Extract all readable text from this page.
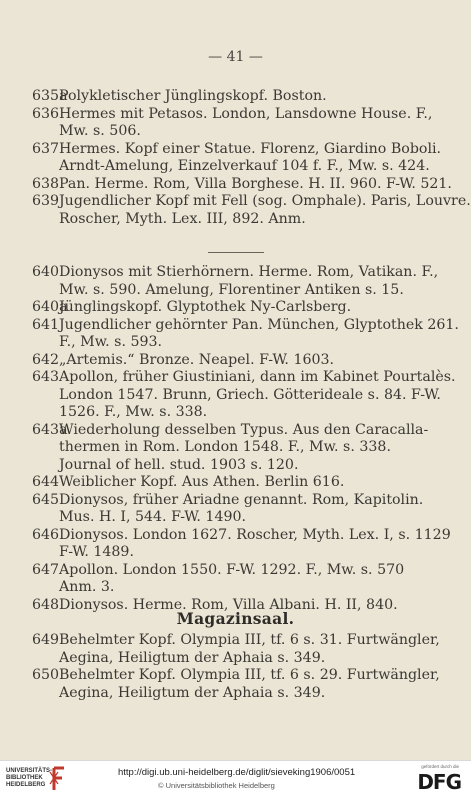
— 41 —
635a
Polykletischer Jünglingskopf. Boston.
636 Hermes mit Petasos. London, Lansdowne House. F.,
Mw. s. 506.
637 Hermes. Kopf einer Statue. Florenz, Giardino Boboli.
Arndt-Amelung, Einzelverkauf 104 f. F., Mw. s. 424.
638 Pan. Herme. Rom, Villa Borghese. H. II. 960. F-W. 521.
639 Jugendlicher Kopf mit Fell (sog. Omphale). Paris, Louvre.
Roscher, Myth. Lex. III, 892. Anm.
640 Dionysos mit Stierhörnern. Herme. Rom, Vatikan. F.,
Mw. s. 590. Amelung, Florentiner Antiken s. 15.
640a
Jünglingskopf. Glyptothek Ny-Carlsberg.
641 Jugendlicher gehörnter Pan. München, Glyptothek 261.
F., Mw. s. 593.
642 „Artemis.“ Bronze. Neapel. F-W. 1603.
643 Apollon, früher Giustiniani, dann im Kabinet Pourtalès.
London 1547. Brunn, Griech. Götterideale s. 84. F-W.
1526. F., Mw. s. 338.
643a
Wiederholung desselben Typus. Aus den Caracalla-
thermen in Rom. London 1548. F., Mw. s. 338.
Journal of hell. stud. 1903 s. 120.
644 Weiblicher Kopf. Aus Athen. Berlin 616.
645 Dionysos, früher Ariadne genannt. Rom, Kapitolin.
Mus. H. I, 544. F-W. 1490.
646 Dionysos. London 1627. Roscher, Myth. Lex. I, s. 1129
F-W. 1489.
647 Apollon. London 1550. F-W. 1292. F., Mw. s. 570
Anm. 3.
648 Dionysos. Herme. Rom, Villa Albani. H. II, 840.
Magazinsaal.
649 Behelmter Kopf. Olympia III, tf. 6 s. 31. Furtwängler,
Aegina, Heiligtum der Aphaia s. 349.
650 Behelmter Kopf. Olympia III, tf. 6 s. 29. Furtwängler,
Aegina, Heiligtum der Aphaia s. 349.
UNIVERSITÄTS-
BIBLIOTHEK
HEIDELBERG
http://digi.ub.uni-heidelberg.de/diglit/sieveking1906/0051
© Universitätsbibliothek Heidelberg
gefördert durch die
DFG
